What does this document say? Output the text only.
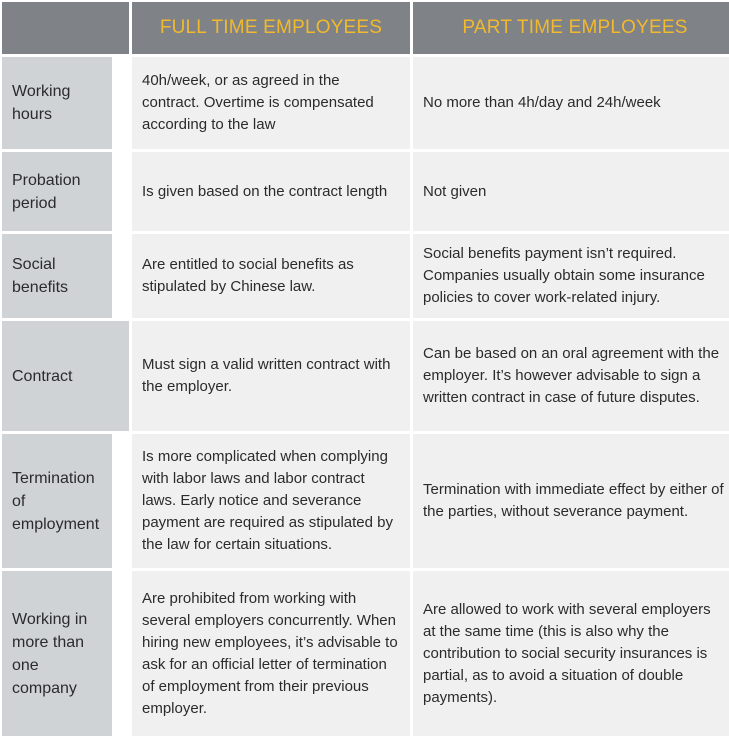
FULL TIME EMPLOYEES	PART TIME EMPLOYEES
Working hours
40h/week, or as agreed in the contract. Overtime is compensated according to the law
No more than 4h/day and 24h/week
Probation period
Is given based on the contract length	Not given
Social benefits
Are entitled to social benefits as stipulated by Chinese law.
Social benefits payment isn’t required. Companies usually obtain some insurance policies to cover work-related injury.
Contract
Must sign a valid written contract with the employer.
Can be based on an oral agreement with the employer. It’s however advisable to sign a written contract in case of future disputes.
Termination of employment
Is more complicated when complying with labor laws and labor contract laws. Early notice and severance payment are required as stipulated by the law for certain situations.
Termination with immediate effect by either of the parties, without severance payment.
Working in more than one company
Are prohibited from working with several employers concurrently. When hiring new employees, it’s advisable to ask for an official letter of termination of employment from their previous employer.
Are allowed to work with several employers at the same time (this is also why the contribution to social security insurances is partial, as to avoid a situation of double payments).
